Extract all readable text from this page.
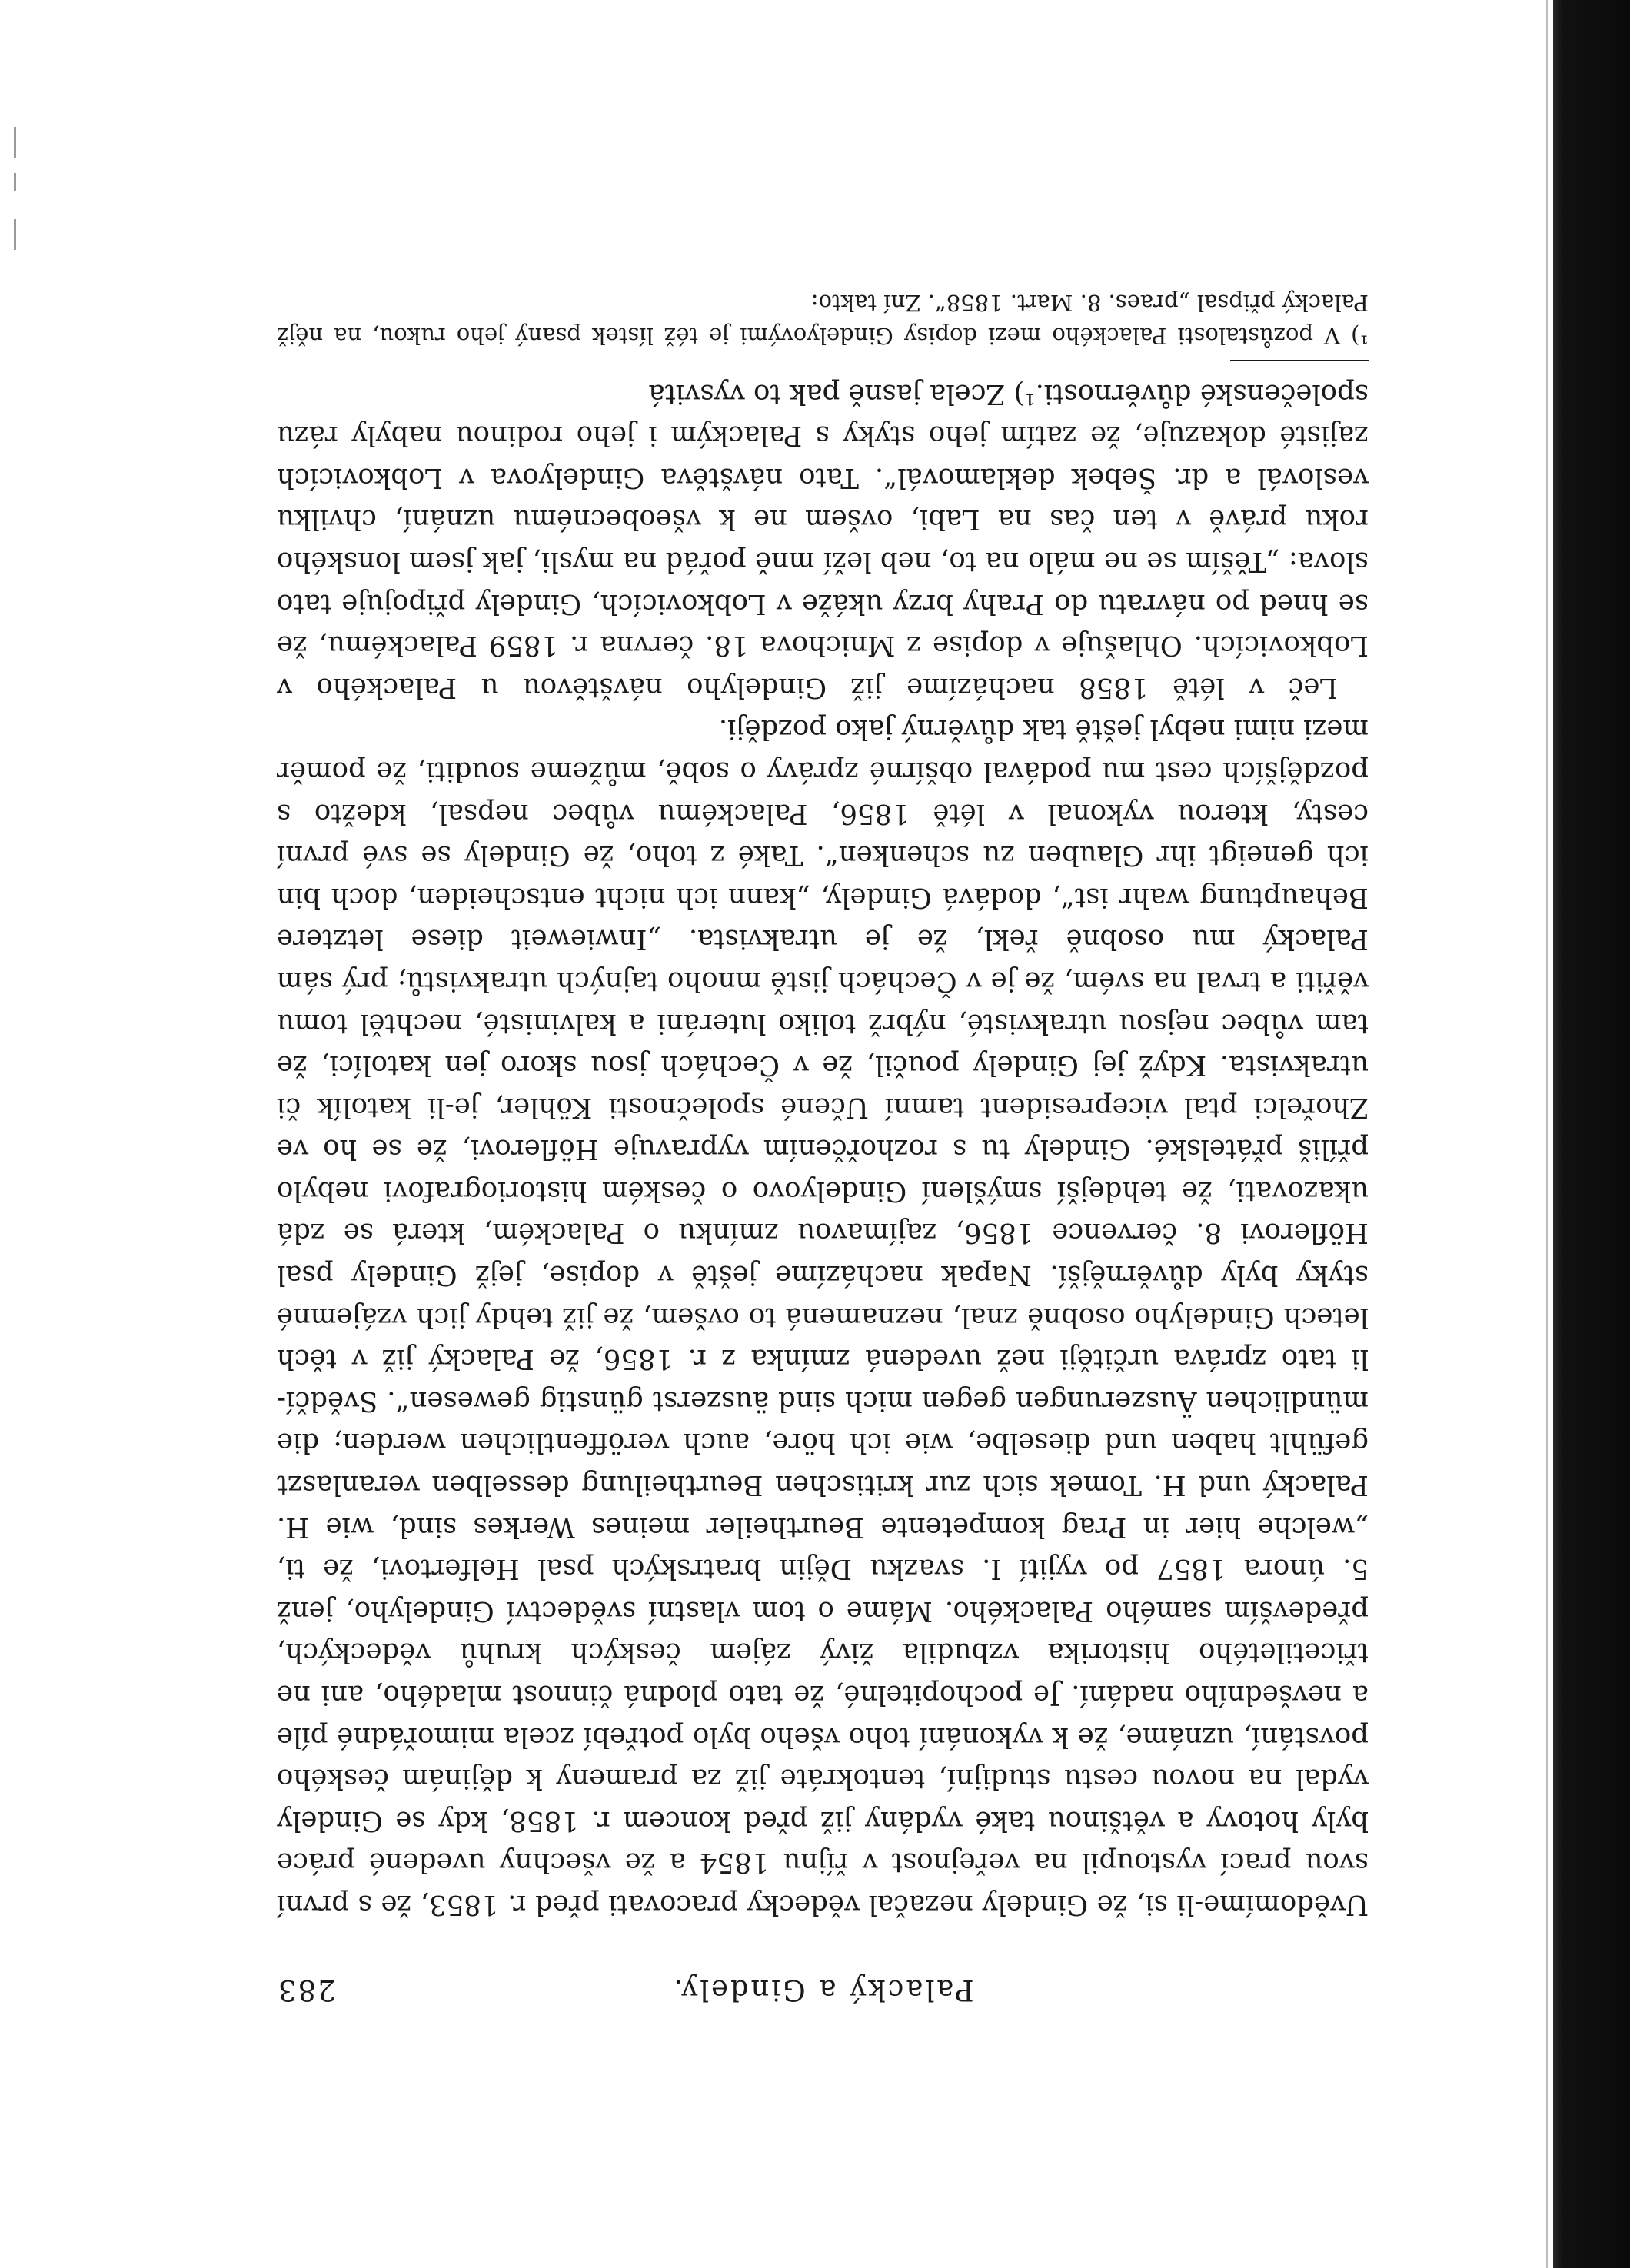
Palacký a Gindely.
283

Uvědomíme-li si, že Gindely nezačal vědecky pracovati před r. 1853, že s první svou prací vystoupil na veřejnost v říjnu 1854 a že všechny uvedené práce byly hotovy a většinou také vydány již před koncem r. 1858, kdy se Gindely vydal na novou cestu studijní, tentokráte již za prameny k dějinám českého povstání, uznáme, že k vykonání toho všeho bylo potřebí zcela mimořádné píle a nevšedního nadání. Je pochopitelné, že tato plodná činnost mladého, ani ne třicetiletého historika vzbudila živý zájem českých kruhů vědeckých, především samého Palackého. Máme o tom vlastní svědectví Gindelyho, jenž 5. února 1857 po vyjití I. svazku Dějin bratrských psal Helfertovi, že ti, „welche hier in Prag kompetente Beurtheiler meines Werkes sind, wie H. Palacký und H. Tomek sich zur kritischen Beurtheilung desselben veranlaszt gefühlt haben und dieselbe, wie ich höre, auch veröffentlichen werden; die mündlichen Äuszerungen gegen mich sind äuszerst günstig gewesen“. Svědčí-li tato zpráva určitěji než uvedená zmínka z r. 1856, že Palacký již v těch letech Gindelyho osobně znal, neznamená to ovšem, že již tehdy jich vzájemné styky byly důvěrnější. Napak nacházíme ještě v dopise, jejž Gindely psal Höflerovi 8. července 1856, zajímavou zmínku o Palackém, která se zdá ukazovati, že tehdejší smýšlení Gindelyovo o českém historiografovi nebylo příliš přátelské. Gindely tu s rozhořčením vypravuje Höflerovi, že se ho ve Zhořelci ptal vicepresident tamní Učené společnosti Köhler, je-li katolík či utrakvista. Když jej Gindely poučil, že v Čechách jsou skoro jen katolíci, že tam vůbec nejsou utrakvisté, nýbrž toliko luteráni a kalvinisté, nechtěl tomu věřiti a trval na svém, že je v Čechách jistě mnoho tajných utrakvistů; prý sám Palacký mu osobně řekl, že je utrakvista. „Inwieweit diese letztere Behauptung wahr ist“, dodává Gindely, „kann ich nicht entscheiden, doch bin ich geneigt ihr Glauben zu schenken“. Také z toho, že Gindely se své první cesty, kterou vykonal v létě 1856, Palackému vůbec nepsal, kdežto s pozdějších cest mu podával obšírné zprávy o sobě, můžeme souditi, že poměr mezi nimi nebyl ještě tak důvěrný jako později.

Leč v létě 1858 nacházíme již Gindelyho návštěvou u Palackého v Lobkovicích. Ohlašuje v dopise z Mnichova 18. června r. 1859 Palackému, že se hned po návratu do Prahy brzy ukáže v Lobkovicích, Gindely připojuje tato slova: „Těším se ne málo na to, neb leží mně pořád na mysli, jak jsem lonského roku právě v ten čas na Labi, ovšem ne k všeobecnému uznání, chvilku veslovál a dr. Šebek deklamovál“. Tato návštěva Gindelyova v Lobkovicích zajisté dokazuje, že zatím jeho styky s Palackým i jeho rodinou nabyly rázu společenské důvěrnosti.¹) Zcela jasně pak to vysvitá

¹) V pozůstalosti Palackého mezi dopisy Gindelyovými je též lístek psaný jeho rukou, na nějž Palacký připsal „praes. 8. Mart. 1858“. Zní takto:
